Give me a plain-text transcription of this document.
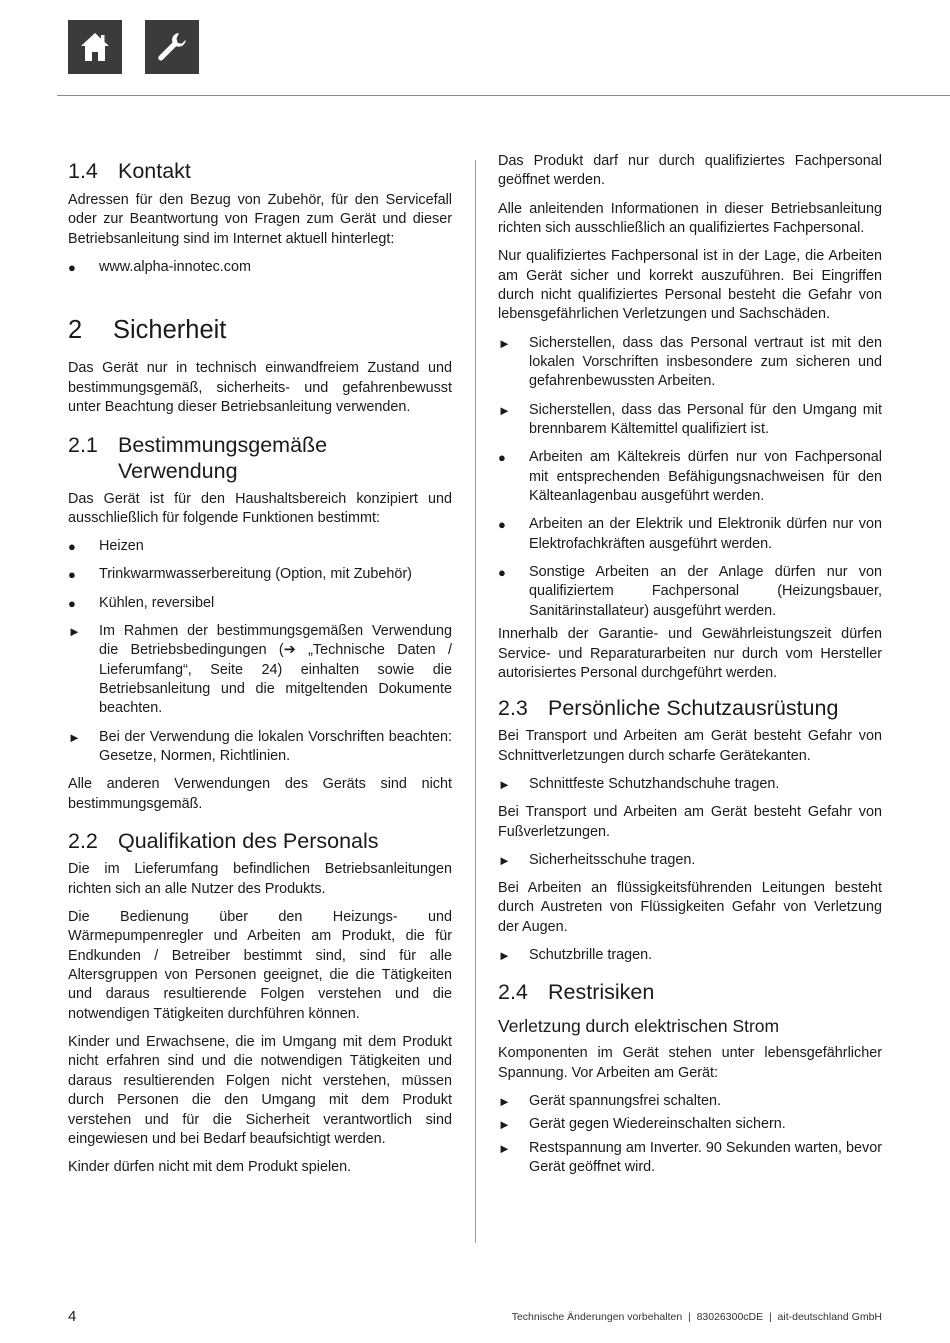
1.4 Kontakt

Adressen für den Bezug von Zubehör, für den Servicefall oder zur Beantwortung von Fragen zum Gerät und dieser Betriebsanleitung sind im Internet aktuell hinterlegt:

●	www.alpha-innotec.com
2	Sicherheit

Das Gerät nur in technisch einwandfreiem Zustand und bestimmungsgemäß, sicherheits- und gefahrenbewusst unter Beachtung dieser Betriebsanleitung verwenden.

2.1 Bestimmungsgemäße
Verwendung

Das Gerät ist für den Haushaltsbereich konzipiert und ausschließlich für folgende Funktionen bestimmt:

●	Heizen
●	Trinkwarmwasserbereitung (Option, mit Zubehör)
●	Kühlen, reversibel
►	Im Rahmen der bestimmungsgemäßen Verwendung die Betriebsbedingungen (➔ „Technische Daten / Lieferumfang“, Seite 24) einhalten sowie die Betriebsanleitung und die mitgeltenden Dokumente beachten.
►	Bei der Verwendung die lokalen Vorschriften beachten: Gesetze, Normen, Richtlinien.

Alle anderen Verwendungen des Geräts sind nicht bestimmungsgemäß.

2.2 Qualifikation des Personals

Die im Lieferumfang befindlichen Betriebsanleitungen richten sich an alle Nutzer des Produkts.

Die Bedienung über den Heizungs- und Wärmepumpenregler und Arbeiten am Produkt, die für Endkunden / Betreiber bestimmt sind, sind für alle Altersgruppen von Personen geeignet, die die Tätigkeiten und daraus resultierende Folgen verstehen und die notwendigen Tätigkeiten durchführen können.

Kinder und Erwachsene, die im Umgang mit dem Produkt nicht erfahren sind und die notwendigen Tätigkeiten und daraus resultierenden Folgen nicht verstehen, müssen durch Personen die den Umgang mit dem Produkt verstehen und für die Sicherheit verantwortlich sind eingewiesen und bei Bedarf beaufsichtigt werden.

Kinder dürfen nicht mit dem Produkt spielen.

Das Produkt darf nur durch qualifiziertes Fachpersonal geöffnet werden.

Alle anleitenden Informationen in dieser Betriebsanleitung richten sich ausschließlich an qualifiziertes Fachpersonal.

Nur qualifiziertes Fachpersonal ist in der Lage, die Arbeiten am Gerät sicher und korrekt auszuführen. Bei Eingriffen durch nicht qualifiziertes Personal besteht die Gefahr von lebensgefährlichen Verletzungen und Sachschäden.

►	Sicherstellen, dass das Personal vertraut ist mit den lokalen Vorschriften insbesondere zum sicheren und gefahrenbewussten Arbeiten.
►	Sicherstellen, dass das Personal für den Umgang mit brennbarem Kältemittel qualifiziert ist.
●	Arbeiten am Kältekreis dürfen nur von Fachpersonal mit entsprechenden Befähigungsnachweisen für den Kälteanlagenbau ausgeführt werden.
●	Arbeiten an der Elektrik und Elektronik dürfen nur von Elektrofachkräften ausgeführt werden.
●	Sonstige Arbeiten an der Anlage dürfen nur von qualifiziertem Fachpersonal (Heizungsbauer, Sanitärinstallateur) ausgeführt werden.

Innerhalb der Garantie- und Gewährleistungszeit dürfen Service- und Reparaturarbeiten nur durch vom Hersteller autorisiertes Personal durchgeführt werden.

2.3 Persönliche Schutzausrüstung

Bei Transport und Arbeiten am Gerät besteht Gefahr von Schnittverletzungen durch scharfe Gerätekanten.

►	Schnittfeste Schutzhandschuhe tragen.

Bei Transport und Arbeiten am Gerät besteht Gefahr von Fußverletzungen.

►	Sicherheitsschuhe tragen.

Bei Arbeiten an flüssigkeitsführenden Leitungen besteht durch Austreten von Flüssigkeiten Gefahr von Verletzung der Augen.

►	Schutzbrille tragen.
2.4 Restrisiken
Verletzung durch elektrischen Strom

Komponenten im Gerät stehen unter lebensgefährlicher Spannung. Vor Arbeiten am Gerät:

►	Gerät spannungsfrei schalten.
►	Gerät gegen Wiedereinschalten sichern.
►	Restspannung am Inverter. 90 Sekunden warten, bevor Gerät geöffnet wird.
4	Technische Änderungen vorbehalten  |  83026300cDE  |  ait-deutschland GmbH
